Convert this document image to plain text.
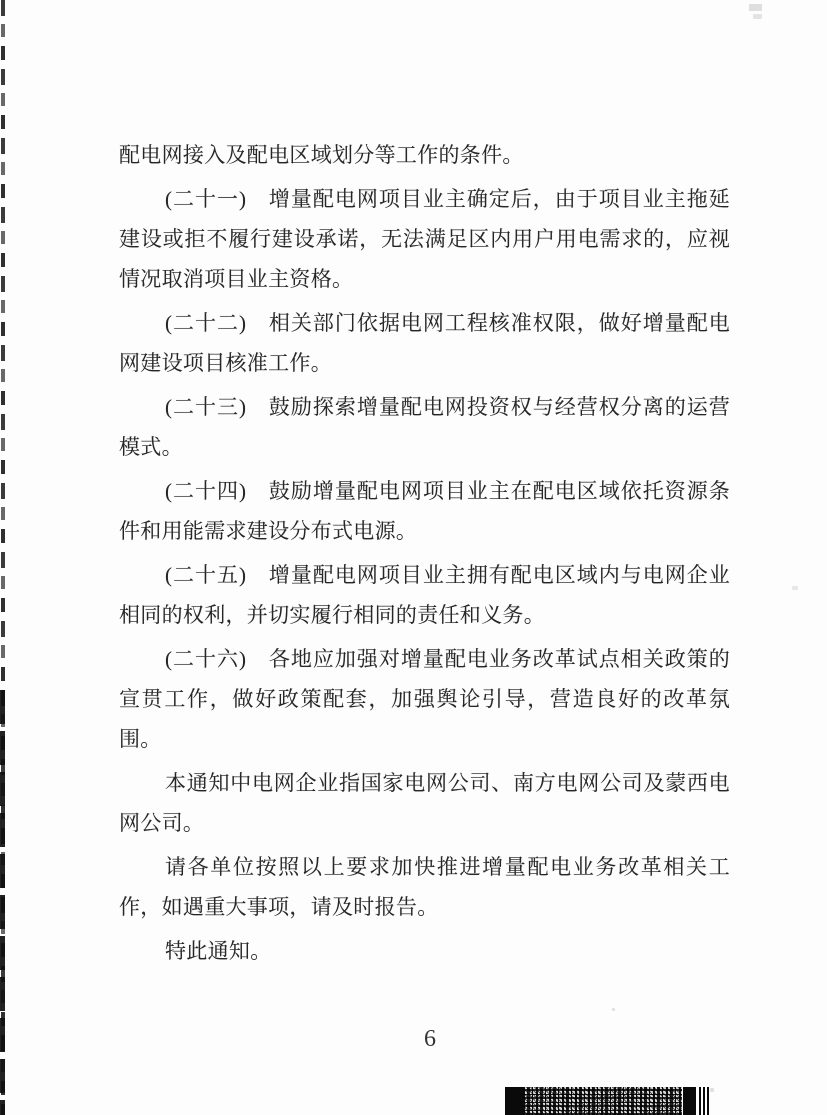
配电网接入及配电区域划分等工作的条件。

(二十一)　增量配电网项目业主确定后，由于项目业主拖延建设或拒不履行建设承诺，无法满足区内用户用电需求的，应视情况取消项目业主资格。

(二十二)　相关部门依据电网工程核准权限，做好增量配电网建设项目核准工作。

(二十三)　鼓励探索增量配电网投资权与经营权分离的运营模式。

(二十四)　鼓励增量配电网项目业主在配电区域依托资源条件和用能需求建设分布式电源。

(二十五)　增量配电网项目业主拥有配电区域内与电网企业相同的权利，并切实履行相同的责任和义务。

(二十六)　各地应加强对增量配电业务改革试点相关政策的宣贯工作，做好政策配套，加强舆论引导，营造良好的改革氛围。

本通知中电网企业指国家电网公司、南方电网公司及蒙西电网公司。

请各单位按照以上要求加快推进增量配电业务改革相关工作，如遇重大事项，请及时报告。

特此通知。

6
